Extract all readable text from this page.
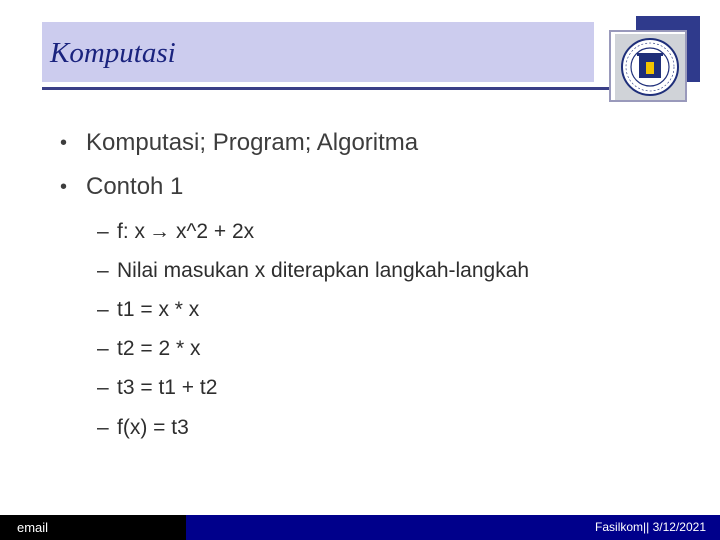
Komputasi
• Komputasi; Program; Algoritma
• Contoh 1
– f: x → x^2 + 2x
– Nilai masukan x diterapkan langkah-langkah
– t1 = x * x
– t2 = 2 * x
– t3 = t1 + t2
– f(x) = t3
email	Fasilkom|| 3/12/2021
